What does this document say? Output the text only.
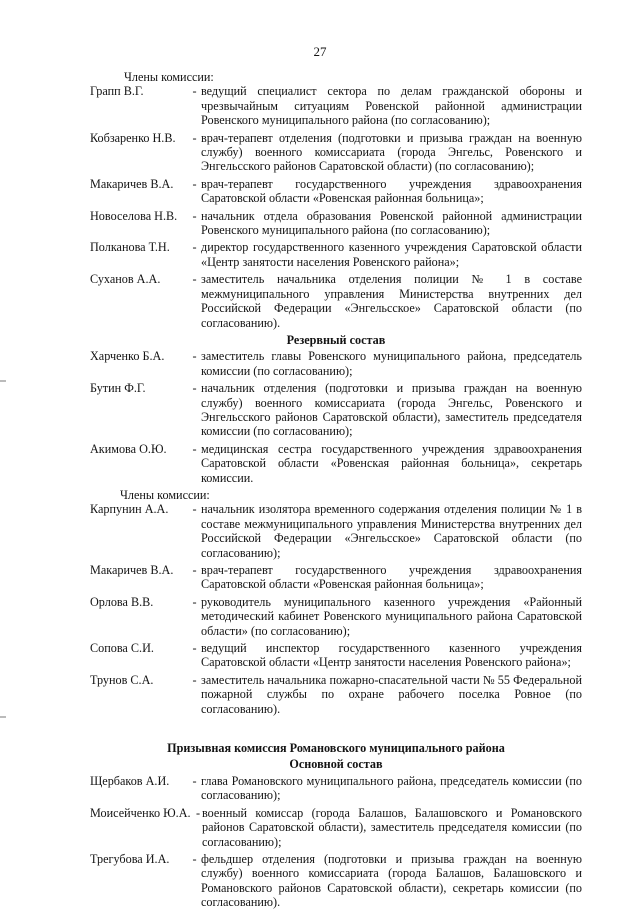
27
Члены комиссии:
Грапп В.Г.	- ведущий специалист сектора по делам гражданской обороны и чрезвычайным ситуациям Ровенской районной администрации Ровенского муниципального района (по согласованию);
Кобзаренко Н.В.	- врач-терапевт отделения (подготовки и призыва граждан на военную службу) военного комиссариата (города Энгельс, Ровенского и Энгельсского районов Саратовской области) (по согласованию);
Макаричев В.А.	- врач-терапевт государственного учреждения здравоохранения Саратовской области «Ровенская районная больница»;
Новоселова Н.В.	- начальник отдела образования Ровенской районной администрации Ровенского муниципального района (по согласованию);
Полканова Т.Н.	- директор государственного казенного учреждения Саратовской области «Центр занятости населения Ровенского района»;
Суханов А.А.	- заместитель начальника отделения полиции № 1 в составе межмуниципального управления Министерства внутренних дел Российской Федерации «Энгельсское» Саратовской области (по согласованию).
Резервный состав
Харченко Б.А.	- заместитель главы Ровенского муниципального района, председатель комиссии (по согласованию);
Бутин Ф.Г.	- начальник отделения (подготовки и призыва граждан на военную службу) военного комиссариата (города Энгельс, Ровенского и Энгельсского районов Саратовской области), заместитель председателя комиссии (по согласованию);
Акимова О.Ю.	- медицинская сестра государственного учреждения здравоохранения Саратовской области «Ровенская районная больница», секретарь комиссии.
Члены комиссии:
Карпунин А.А.	- начальник изолятора временного содержания отделения полиции № 1 в составе межмуниципального управления Министерства внутренних дел Российской Федерации «Энгельсское» Саратовской области (по согласованию);
Макаричев В.А.	- врач-терапевт государственного учреждения здравоохранения Саратовской области «Ровенская районная больница»;
Орлова В.В.	- руководитель муниципального казенного учреждения «Районный методический кабинет Ровенского муниципального района Саратовской области» (по согласованию);
Сопова С.И.	- ведущий инспектор государственного казенного учреждения Саратовской области «Центр занятости населения Ровенского района»;
Трунов С.А.	- заместитель начальника пожарно-спасательной части № 55 Федеральной пожарной службы по охране рабочего поселка Ровное (по согласованию).
Призывная комиссия Романовского муниципального района
Основной состав
Щербаков А.И.	- глава Романовского муниципального района, председатель комиссии (по согласованию);
Моисейченко Ю.А. - военный комиссар (города Балашов, Балашовского и Романовского районов Саратовской области), заместитель председателя комиссии (по согласованию);
Трегубова И.А.	- фельдшер отделения (подготовки и призыва граждан на военную службу) военного комиссариата (города Балашов, Балашовского и Романовского районов Саратовской области), секретарь комиссии (по согласованию).
